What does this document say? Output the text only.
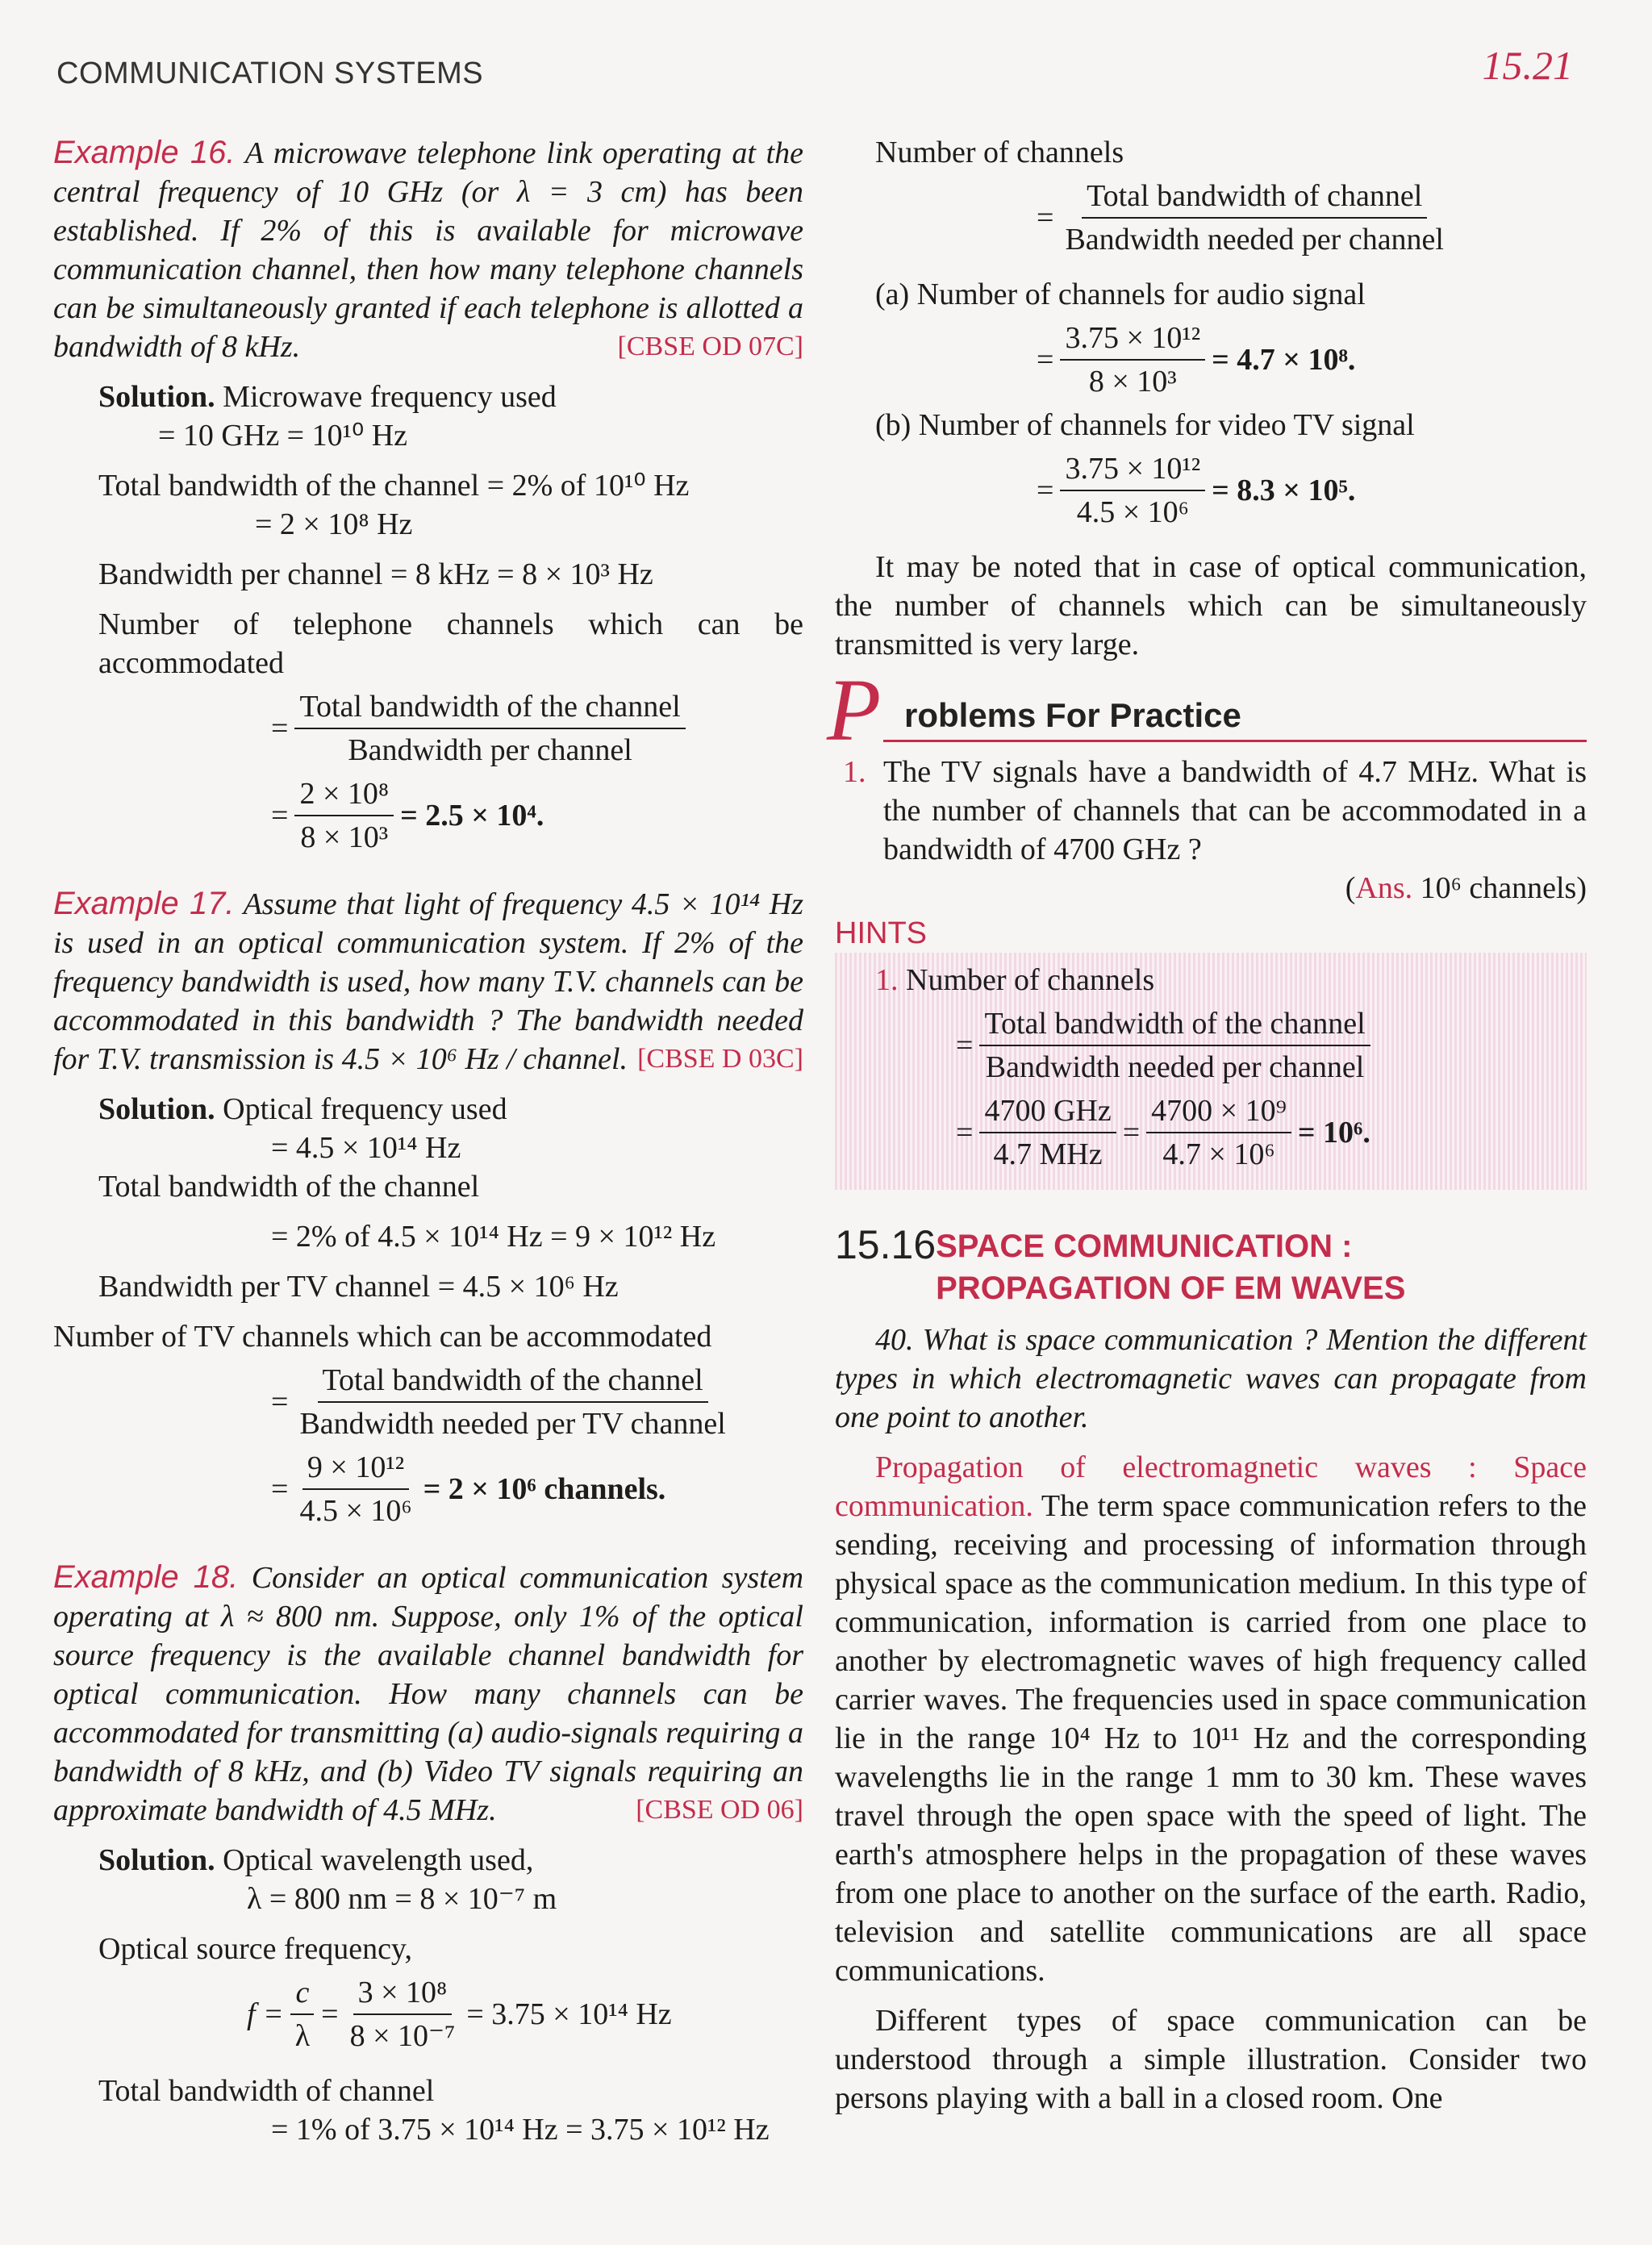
COMMUNICATION SYSTEMS	15.21

Example 16. A microwave telephone link operating at the central frequency of 10 GHz (or λ = 3 cm) has been established. If 2% of this is available for microwave communication channel, then how many telephone channels can be simultaneously granted if each telephone is allotted a bandwidth of 8 kHz.	[CBSE OD 07C]

Solution. Microwave frequency used

= 10 GHz = 10¹⁰ Hz

Total bandwidth of the channel = 2% of 10¹⁰ Hz

= 2 × 10⁸ Hz

Bandwidth per channel = 8 kHz = 8 × 10³ Hz

Number of telephone channels which can be accommodated

= $\frac{\text{Total bandwidth of the channel}}{\text{Bandwidth per channel}}$
= $\frac{\text{2 × 10⁸}}{\text{8 × 10³}} = 2.5 \times 10^4$.

Example 17. Assume that light of frequency 4.5 × 10¹⁴ Hz is used in an optical communication system. If 2% of the frequency bandwidth is used, how many T.V. channels can be accommodated in this bandwidth ? The bandwidth needed for T.V. transmission is 4.5 × 10⁶ Hz / channel. [CBSE D 03C]

Solution. Optical frequency used

= 4.5 × 10¹⁴ Hz

Total bandwidth of the channel

= 2% of 4.5 × 10¹⁴ Hz = 9 × 10¹² Hz

Bandwidth per TV channel = 4.5 × 10⁶ Hz

Number of TV channels which can be accommodated

= $\frac{\text{Total bandwidth of the channel}}{\text{Bandwidth needed per TV channel}}$
= $\frac{\text{9 × 10¹²}}{\text{4.5 × 10⁶}} = 2 \times 10^6$ channels.

Example 18. Consider an optical communication system operating at λ ≈ 800 nm. Suppose, only 1% of the optical source frequency is the available channel bandwidth for optical communication. How many channels can be accommodated for transmitting (a) audio-signals requiring a bandwidth of 8 kHz, and (b) Video TV signals requiring an approximate bandwidth of 4.5 MHz.	[CBSE OD 06]

Solution. Optical wavelength used,

λ = 800 nm = 8 × 10⁻⁷ m

Optical source frequency,

$f = \frac{c}{\lambda} = \frac{\text{3 × 10⁸}}{\text{8 × 10⁻⁷}} = 3.75 \times 10^{14}$ Hz

Total bandwidth of channel

= 1% of 3.75 × 10¹⁴ Hz = 3.75 × 10¹² Hz

Number of channels

= $\frac{\text{Total bandwidth of channel}}{\text{Bandwidth needed per channel}}$

(a) Number of channels for audio signal

= $\frac{\text{3.75 × 10¹²}}{\text{8 × 10³}} = 4.7 \times 10^8$.

(b) Number of channels for video TV signal

= $\frac{\text{3.75 × 10¹²}}{\text{4.5 × 10⁶}} = 8.3 \times 10^5$.

It may be noted that in case of optical communication, the number of channels which can be simultaneously transmitted is very large.

P roblems For Practice
1. The TV signals have a bandwidth of 4.7 MHz. What is the number of channels that can be accommodated in a bandwidth of 4700 GHz ?

(Ans. 10⁶ channels)

HINTS

1. Number of channels

= $\frac{\text{Total bandwidth of the channel}}{\text{Bandwidth needed per channel}}$
= $\frac{\text{4700 GHz}}{\text{4.7 MHz}} = \frac{\text{4700 × 10⁹}}{\text{4.7 × 10⁶}} = 10^6$.
15.16 SPACE COMMUNICATION : PROPAGATION OF EM WAVES

40. What is space communication ? Mention the different types in which electromagnetic waves can propagate from one point to another.

Propagation of electromagnetic waves : Space communication. The term space communication refers to the sending, receiving and processing of information through physical space as the communication medium. In this type of communication, information is carried from one place to another by electromagnetic waves of high frequency called carrier waves. The frequencies used in space communication lie in the range 10⁴ Hz to 10¹¹ Hz and the corresponding wavelengths lie in the range 1 mm to 30 km. These waves travel through the open space with the speed of light. The earth's atmosphere helps in the propagation of these waves from one place to another on the surface of the earth. Radio, television and satellite communications are all space communications.

Different types of space communication can be understood through a simple illustration. Consider two persons playing with a ball in a closed room. One
